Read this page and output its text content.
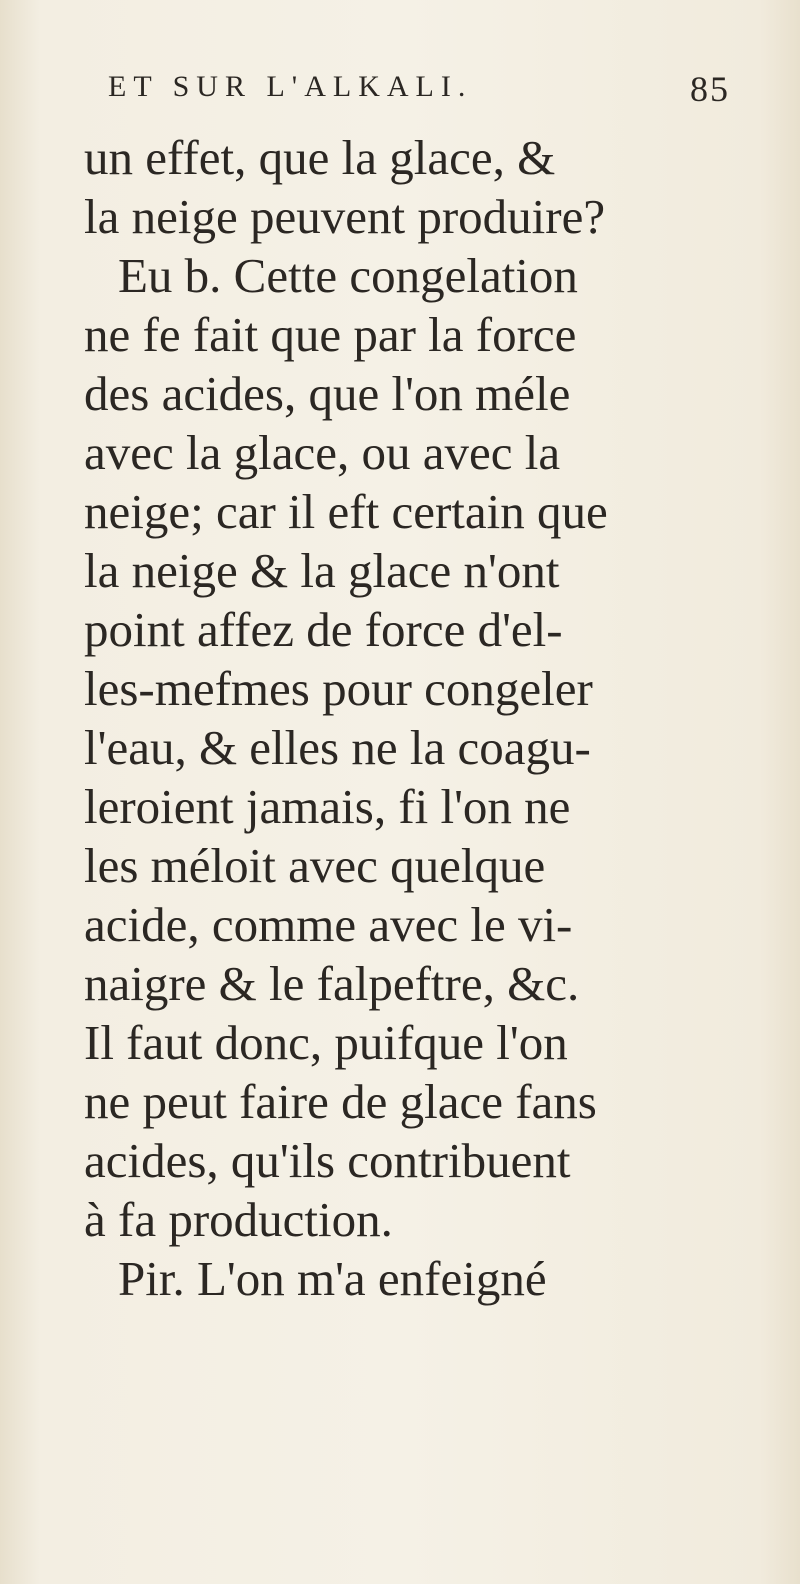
ET SUR L'ALKALI.	85
un effet, que la glace, &
la neige peuvent produire?
Eu b. Cette congelation
ne fe fait que par la force
des acides, que l'on méle
avec la glace, ou avec la
neige; car il eft certain que
la neige & la glace n'ont
point affez de force d'el-
les-mefmes pour congeler
l'eau, & elles ne la coagu-
leroient jamais, fi l'on ne
les méloit avec quelque
acide, comme avec le vi-
naigre & le falpeftre, &c.
Il faut donc, puifque l'on
ne peut faire de glace fans
acides, qu'ils contribuent
à fa production.
Pir. L'on m'a enfeigné
